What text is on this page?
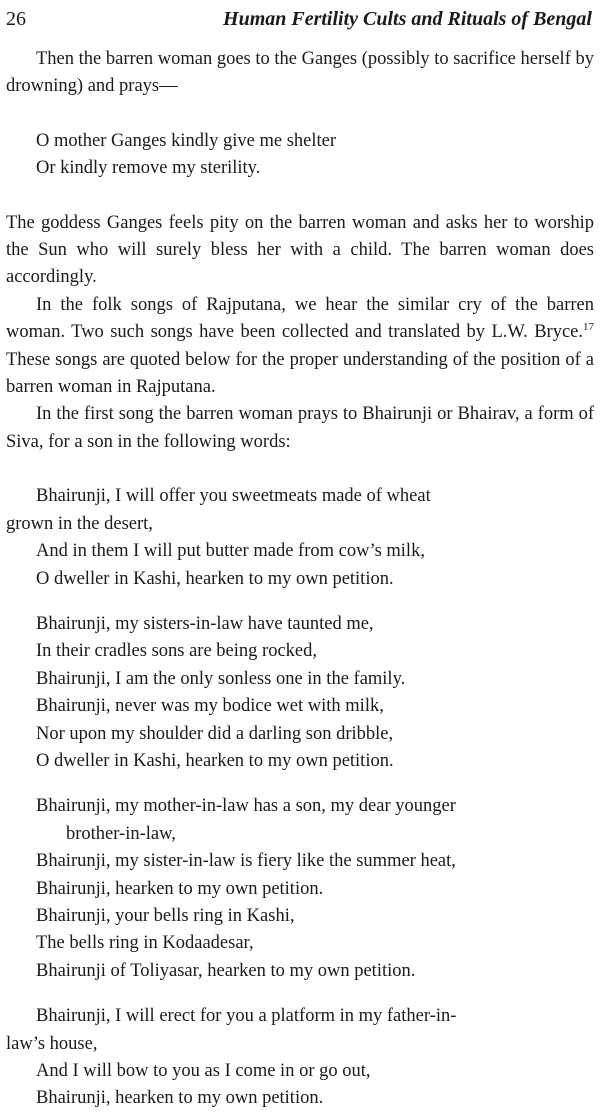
26	Human Fertility Cults and Rituals of Bengal

Then the barren woman goes to the Ganges (possibly to sacrifice herself by drowning) and prays—

O mother Ganges kindly give me shelter
Or kindly remove my sterility.

The goddess Ganges feels pity on the barren woman and asks her to worship the Sun who will surely bless her with a child. The barren woman does accordingly.

In the folk songs of Rajputana, we hear the similar cry of the barren woman. Two such songs have been collected and translated by L.W. Bryce.$^{17}$ These songs are quoted below for the proper understanding of the position of a barren woman in Rajputana.

In the first song the barren woman prays to Bhairunji or Bhairav, a form of Siva, for a son in the following words:

Bhairunji, I will offer you sweetmeats made of wheat
grown in the desert,
And in them I will put butter made from cow’s milk,
O dweller in Kashi, hearken to my own petition.
Bhairunji, my sisters-in-law have taunted me,
In their cradles sons are being rocked,
Bhairunji, I am the only sonless one in the family.
Bhairunji, never was my bodice wet with milk,
Nor upon my shoulder did a darling son dribble,
O dweller in Kashi, hearken to my own petition.
Bhairunji, my mother-in-law has a son, my dear younger
brother-in-law,
Bhairunji, my sister-in-law is fiery like the summer heat,
Bhairunji, hearken to my own petition.
Bhairunji, your bells ring in Kashi,
The bells ring in Kodaadesar,
Bhairunji of Toliyasar, hearken to my own petition.
Bhairunji, I will erect for you a platform in my father-in-
law’s house,
And I will bow to you as I come in or go out,
Bhairunji, hearken to my own petition.
